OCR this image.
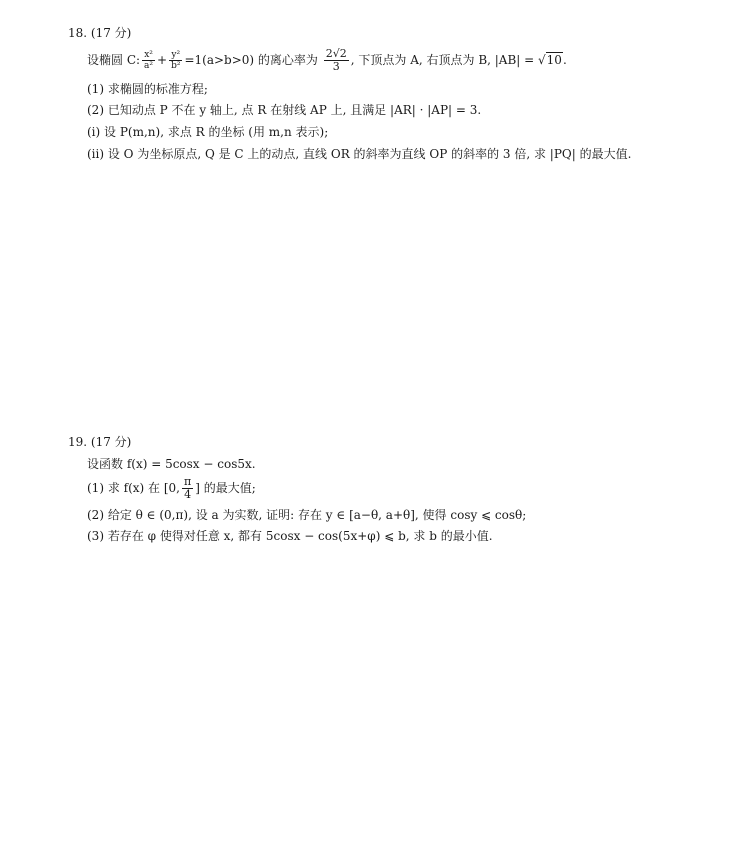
18. (17 分)
设椭圆 C: $\frac{\text{x²}}{\text{a²}} + \frac{\text{y²}}{\text{b²}} =1(a>b>0)$ 的离心率为 $\frac{2√2}{3}$ , 下顶点为 A, 右顶点为 B, |AB| = √10.
(1) 求椭圆的标准方程;
(2) 已知动点 P 不在 y 轴上, 点 R 在射线 AP 上, 且满足 |AR| · |AP| = 3.
(i) 设 P(m,n), 求点 R 的坐标 (用 m,n 表示);
(ii) 设 O 为坐标原点, Q 是 C 上的动点, 直线 OR 的斜率为直线 OP 的斜率的 3 倍, 求 |PQ| 的最大值.
19. (17 分)
设函数 f(x) = 5cosx − cos5x.
(1) 求 f(x) 在 [0, $\frac{\pi}{4}$ ] 的最大值;
(2) 给定 θ ∈ (0,π), 设 a 为实数, 证明: 存在 y ∈ [a−θ, a+θ], 使得 cosy ⩽ cosθ;
(3) 若存在 φ 使得对任意 x, 都有 5cosx − cos(5x+φ) ⩽ b, 求 b 的最小值.
